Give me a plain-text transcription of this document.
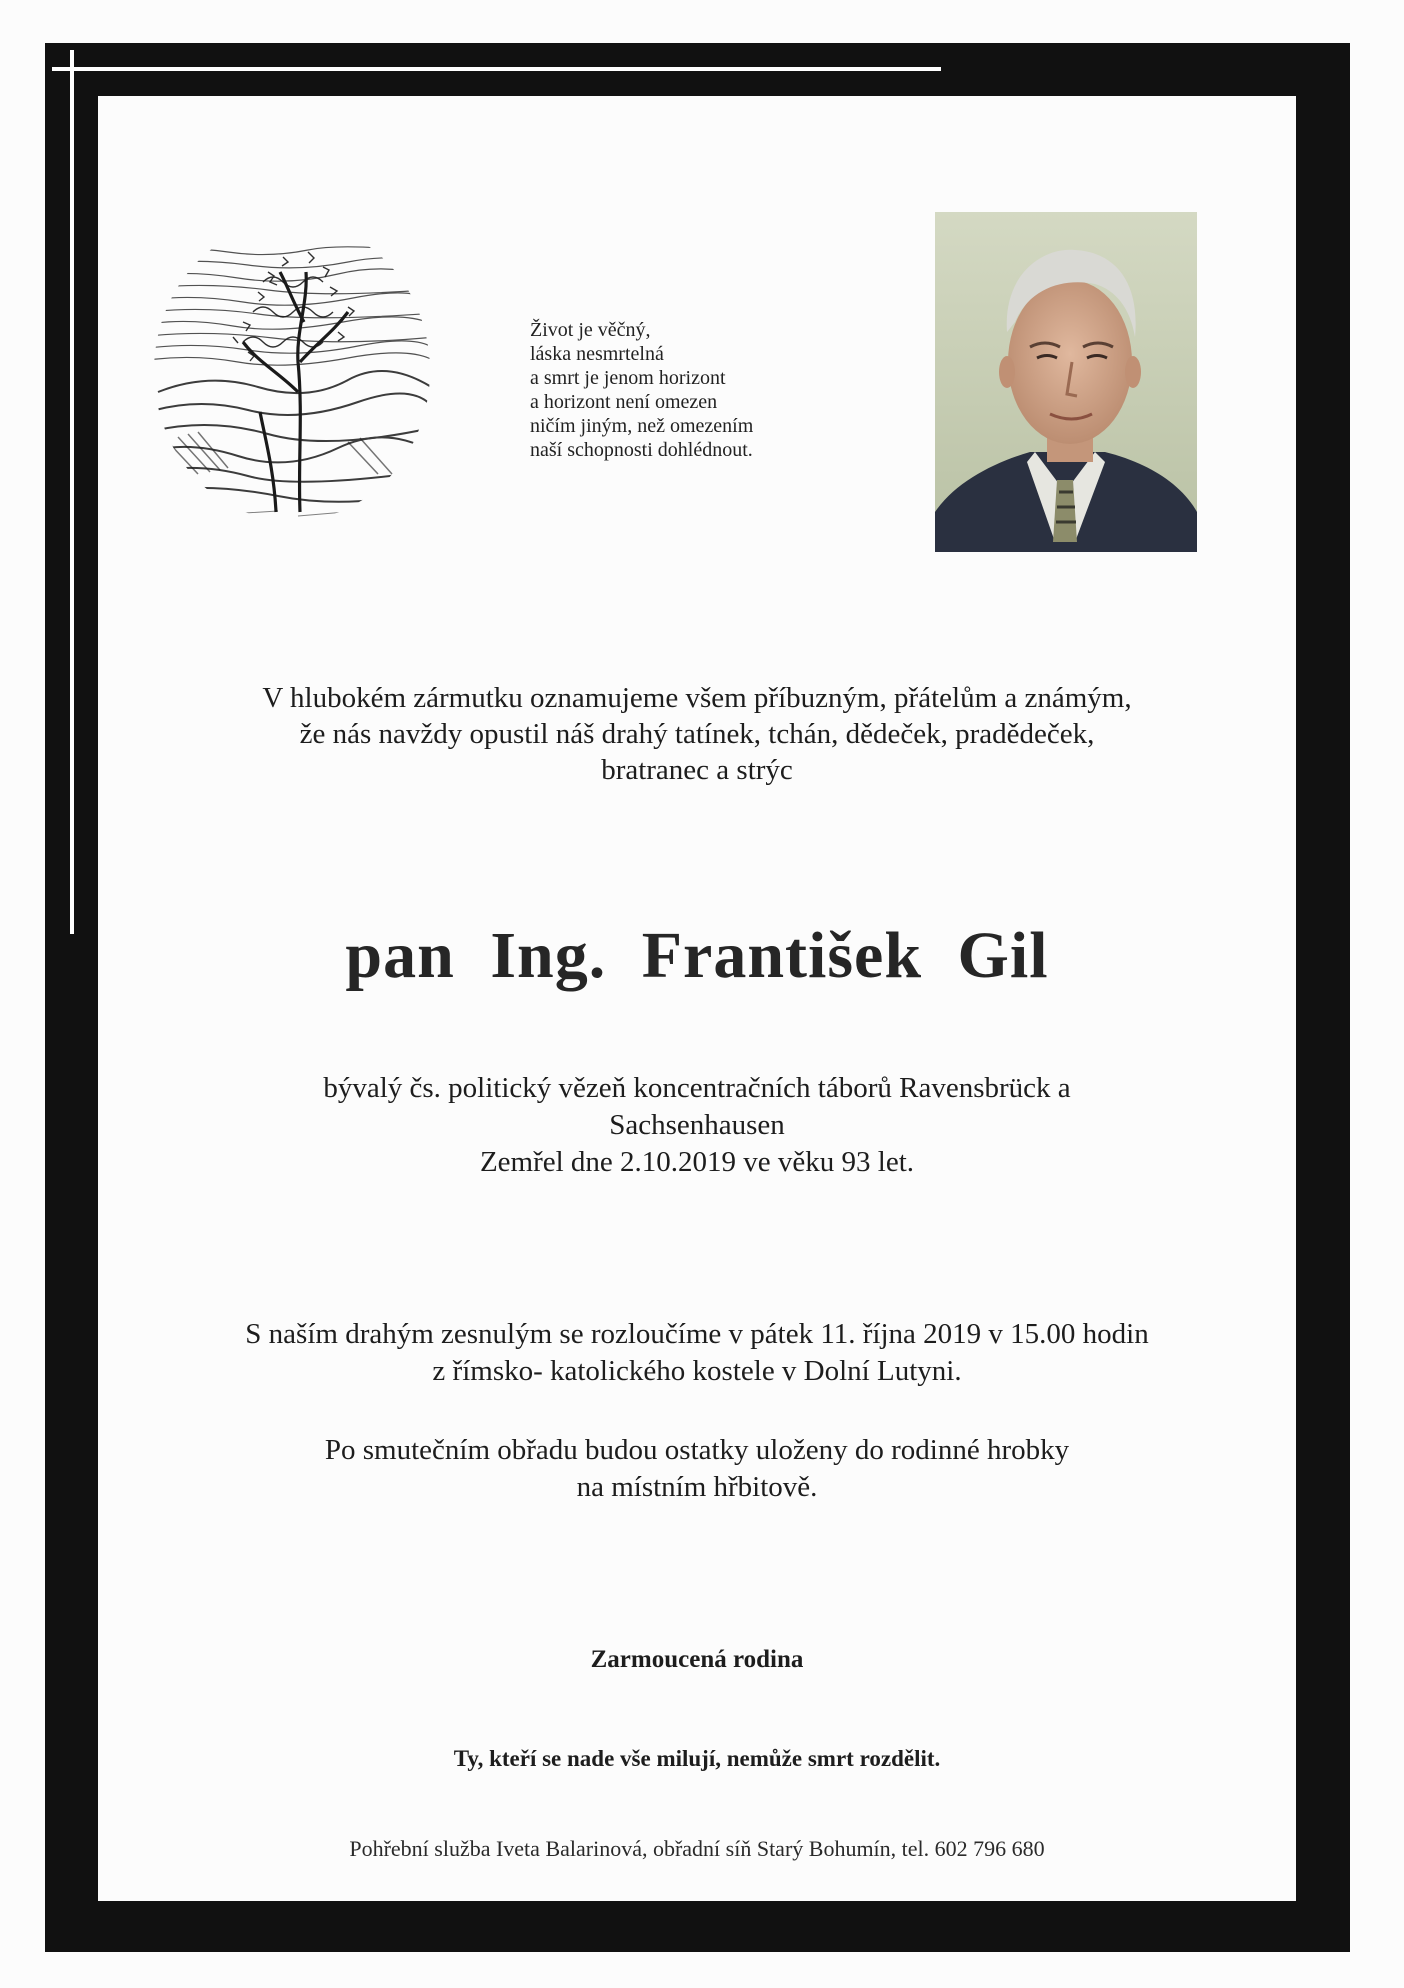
Život je věčný,
láska nesmrtelná
a smrt je jenom horizont
a horizont není omezen
ničím jiným, než omezením
naší schopnosti dohlédnout.
V hlubokém zármutku oznamujeme všem příbuzným, přátelům a známým,
že nás navždy opustil náš drahý tatínek, tchán, dědeček, pradědeček,
bratranec a strýc
pan Ing. František Gil
bývalý čs. politický vězeň koncentračních táborů Ravensbrück a
Sachsenhausen
Zemřel dne 2.10.2019 ve věku 93 let.
S naším drahým zesnulým se rozloučíme v pátek 11. října 2019 v 15.00 hodin
z římsko- katolického kostele v Dolní Lutyni.
Po smutečním obřadu budou ostatky uloženy do rodinné hrobky
na místním hřbitově.
Zarmoucená rodina
Ty, kteří se nade vše milují, nemůže smrt rozdělit.
Pohřební služba Iveta Balarinová, obřadní síň Starý Bohumín, tel. 602 796 680
